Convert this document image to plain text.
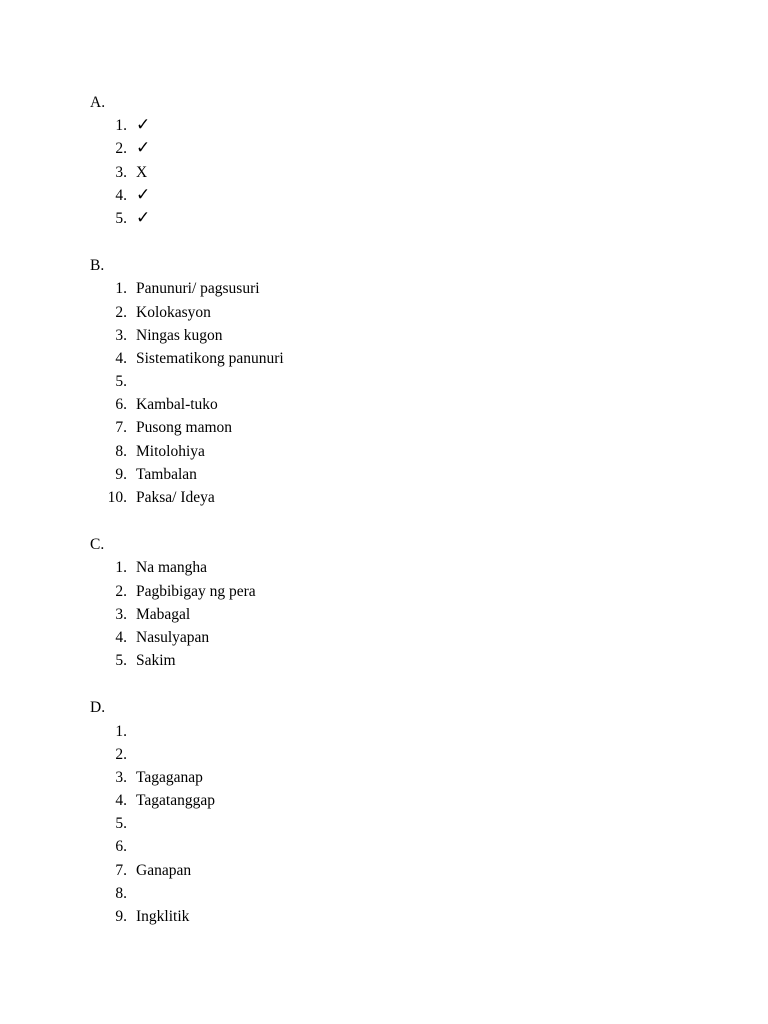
A.
1. ✓
2. ✓
3. X
4. ✓
5. ✓
B.
1. Panunuri/ pagsusuri
2. Kolokasyon
3. Ningas kugon
4. Sistematikong panunuri
5.
6. Kambal-tuko
7. Pusong mamon
8. Mitolohiya
9. Tambalan
10. Paksa/ Ideya
C.
1. Na mangha
2. Pagbibigay ng pera
3. Mabagal
4. Nasulyapan
5. Sakim
D.
1.
2.
3. Tagaganap
4. Tagatanggap
5.
6.
7. Ganapan
8.
9. Ingklitik
